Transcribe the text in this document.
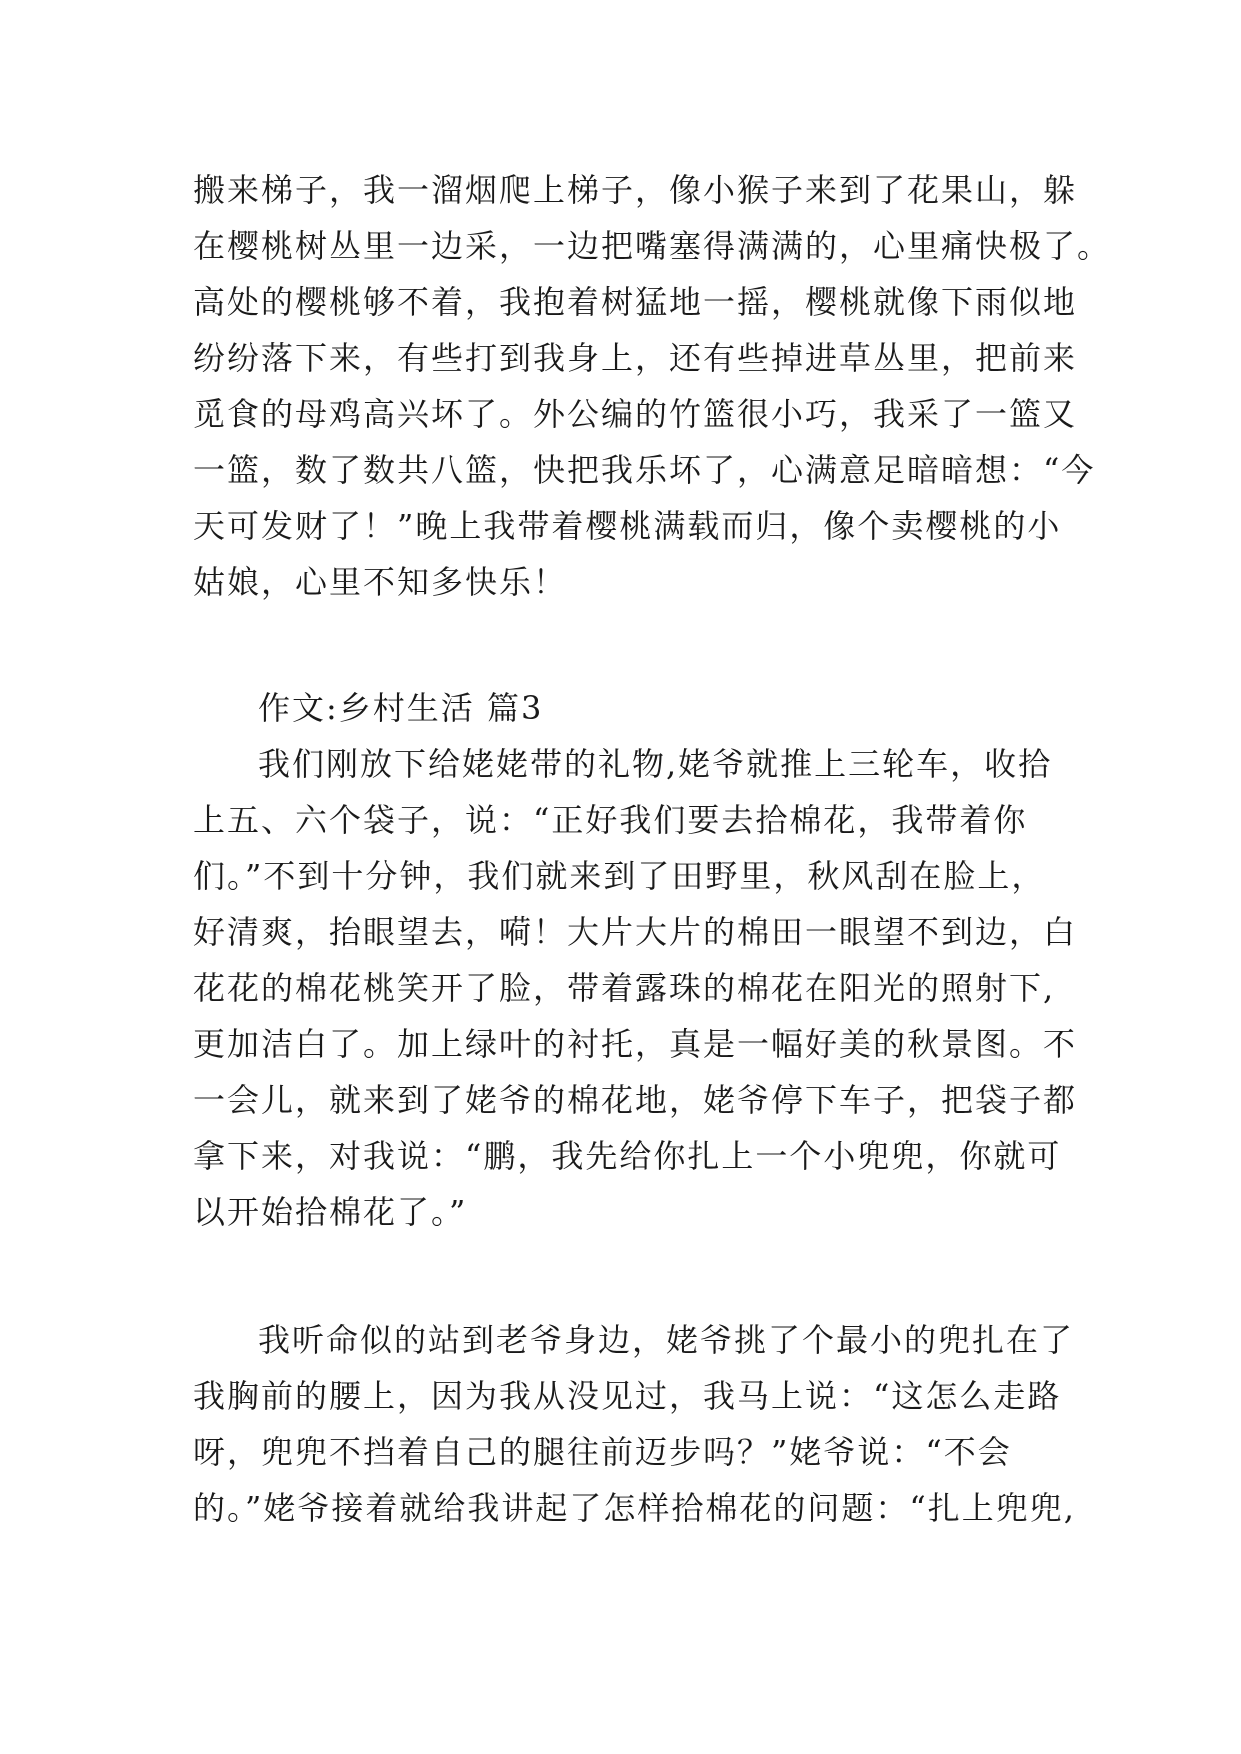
搬来梯子，我一溜烟爬上梯子，像小猴子来到了花果山，躲
在樱桃树丛里一边采，一边把嘴塞得满满的，心里痛快极了。
高处的樱桃够不着，我抱着树猛地一摇，樱桃就像下雨似地
纷纷落下来，有些打到我身上，还有些掉进草丛里，把前来
觅食的母鸡高兴坏了。外公编的竹篮很小巧，我采了一篮又
一篮，数了数共八篮，快把我乐坏了，心满意足暗暗想：“今
天可发财了！”晚上我带着樱桃满载而归，像个卖樱桃的小
姑娘，心里不知多快乐！
作文:乡村生活 篇3
我们刚放下给姥姥带的礼物,姥爷就推上三轮车，收拾
上五、六个袋子，说：“正好我们要去拾棉花，我带着你
们。”不到十分钟，我们就来到了田野里，秋风刮在脸上，
好清爽，抬眼望去，嗬！大片大片的棉田一眼望不到边，白
花花的棉花桃笑开了脸，带着露珠的棉花在阳光的照射下,
更加洁白了。加上绿叶的衬托，真是一幅好美的秋景图。不
一会儿，就来到了姥爷的棉花地，姥爷停下车子，把袋子都
拿下来，对我说：“鹏，我先给你扎上一个小兜兜，你就可
以开始拾棉花了。”
我听命似的站到老爷身边，姥爷挑了个最小的兜扎在了
我胸前的腰上，因为我从没见过，我马上说：“这怎么走路
呀，兜兜不挡着自己的腿往前迈步吗？”姥爷说：“不会
的。”姥爷接着就给我讲起了怎样拾棉花的问题：“扎上兜兜,
